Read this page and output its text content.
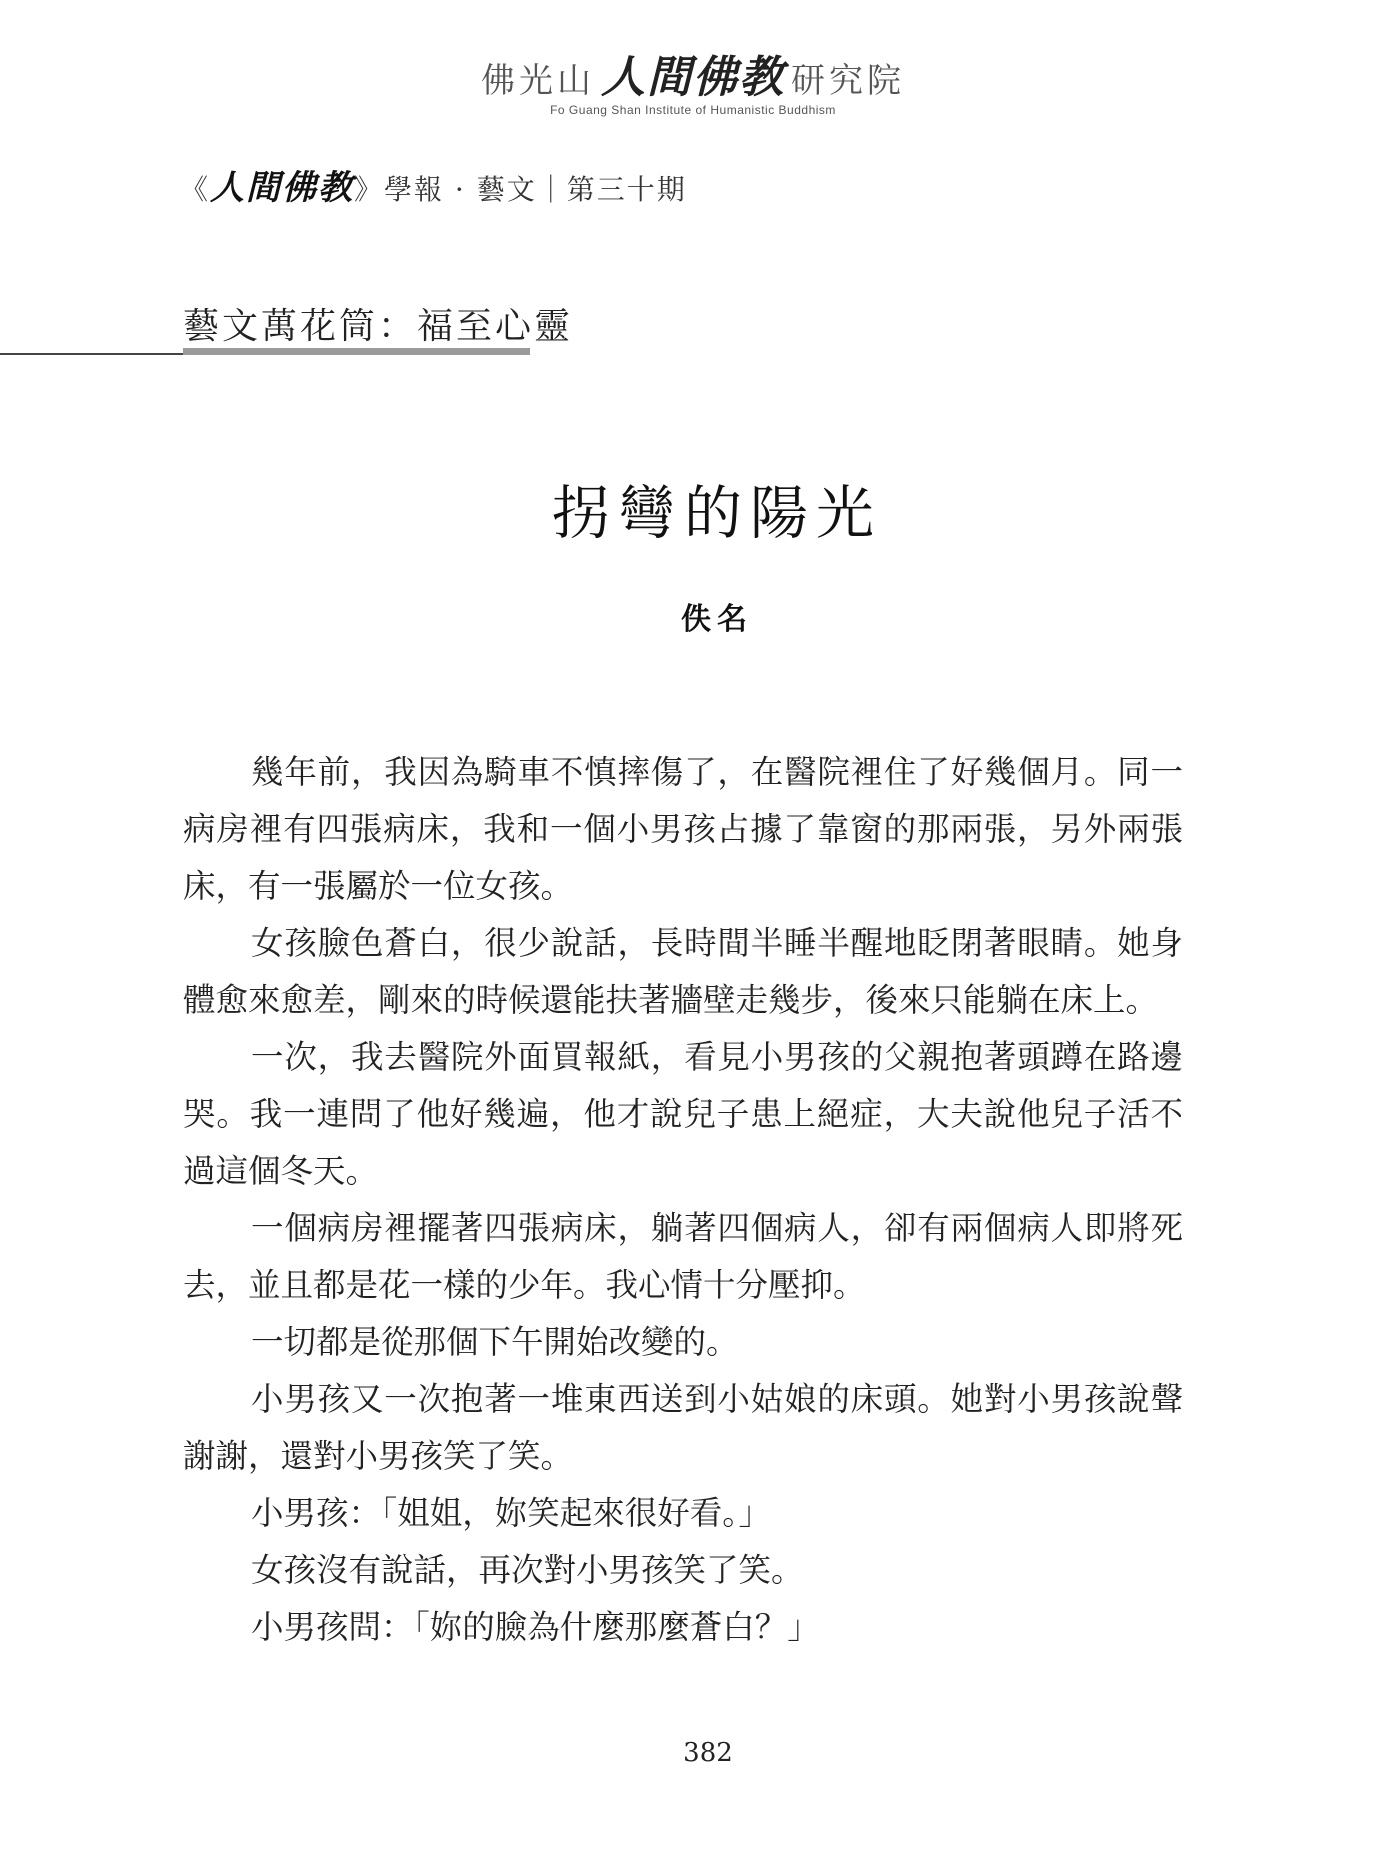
佛光山 人間佛教 研究院
Fo Guang Shan Institute of Humanistic Buddhism
《人間佛教》學報 · 藝文｜第三十期
藝文萬花筒：福至心靈
拐彎的陽光
佚名

幾年前，我因為騎車不慎摔傷了，在醫院裡住了好幾個月。同一病房裡有四張病床，我和一個小男孩占據了靠窗的那兩張，另外兩張床，有一張屬於一位女孩。

女孩臉色蒼白，很少說話，長時間半睡半醒地眨閉著眼睛。她身體愈來愈差，剛來的時候還能扶著牆壁走幾步，後來只能躺在床上。

一次，我去醫院外面買報紙，看見小男孩的父親抱著頭蹲在路邊哭。我一連問了他好幾遍，他才說兒子患上絕症，大夫說他兒子活不過這個冬天。

一個病房裡擺著四張病床，躺著四個病人，卻有兩個病人即將死去，並且都是花一樣的少年。我心情十分壓抑。

一切都是從那個下午開始改變的。

小男孩又一次抱著一堆東西送到小姑娘的床頭。她對小男孩說聲謝謝，還對小男孩笑了笑。

小男孩：「姐姐，妳笑起來很好看。」

女孩沒有說話，再次對小男孩笑了笑。

小男孩問：「妳的臉為什麼那麼蒼白？」

382
